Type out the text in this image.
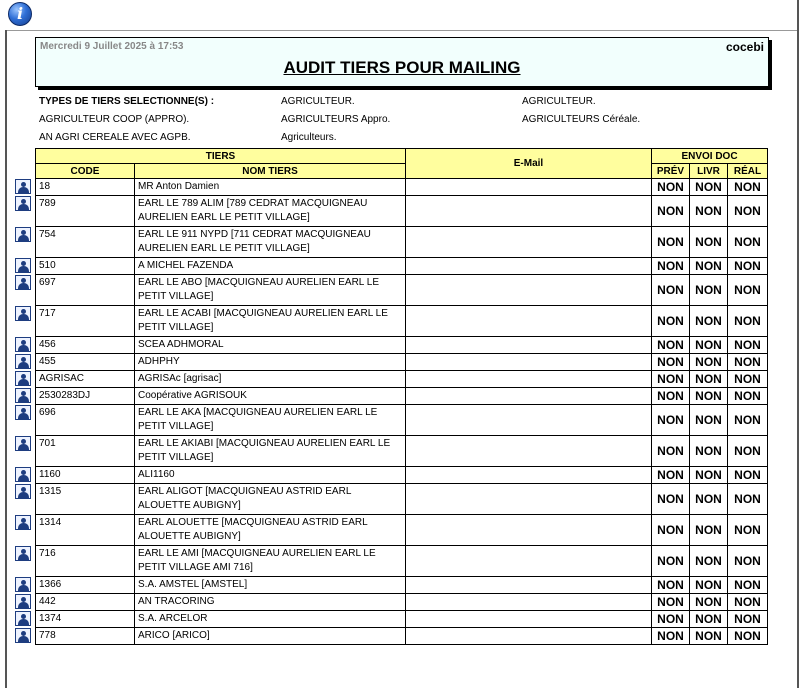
i
Mercredi 9 Juillet 2025 à 17:53	cocebi
AUDIT TIERS POUR MAILING
TYPES DE TIERS SELECTIONNE(S) :	AGRICULTEUR.	AGRICULTEUR.
AGRICULTEUR COOP (APPRO).	AGRICULTEURS Appro.	AGRICULTEURS Céréale.
AN AGRI CEREALE AVEC AGPB.	Agriculteurs.
TIERS		E-Mail	ENVOI DOC		
CODE	NOM TIERS		PRÉV	LIVR	RÉAL
18	MR Anton Damien		NON	NON	NON
789	EARL LE 789 ALIM [789 CEDRAT MACQUIGNEAU AURELIEN EARL LE PETIT VILLAGE]		NON	NON	NON
754	EARL LE 911 NYPD [711 CEDRAT MACQUIGNEAU AURELIEN EARL LE PETIT VILLAGE]		NON	NON	NON
510	A MICHEL FAZENDA		NON	NON	NON
697	EARL LE ABO [MACQUIGNEAU AURELIEN EARL LE PETIT VILLAGE]		NON	NON	NON
717	EARL LE ACABI [MACQUIGNEAU AURELIEN EARL LE PETIT VILLAGE]		NON	NON	NON
456	SCEA ADHMORAL		NON	NON	NON
455	ADHPHY		NON	NON	NON
AGRISAC	AGRISAc [agrisac]		NON	NON	NON
2530283DJ	Coopérative AGRISOUK		NON	NON	NON
696	EARL LE AKA [MACQUIGNEAU AURELIEN EARL LE PETIT VILLAGE]		NON	NON	NON
701	EARL LE AKIABI [MACQUIGNEAU AURELIEN EARL LE PETIT VILLAGE]		NON	NON	NON
1160	ALI1160		NON	NON	NON
1315	EARL ALIGOT [MACQUIGNEAU ASTRID EARL ALOUETTE AUBIGNY]		NON	NON	NON
1314	EARL ALOUETTE [MACQUIGNEAU ASTRID EARL ALOUETTE AUBIGNY]		NON	NON	NON
716	EARL LE AMI [MACQUIGNEAU AURELIEN EARL LE PETIT VILLAGE AMI 716]		NON	NON	NON
1366	S.A. AMSTEL [AMSTEL]		NON	NON	NON
442	AN TRACORING		NON	NON	NON
1374	S.A. ARCELOR		NON	NON	NON
778	ARICO [ARICO]		NON	NON	NON
